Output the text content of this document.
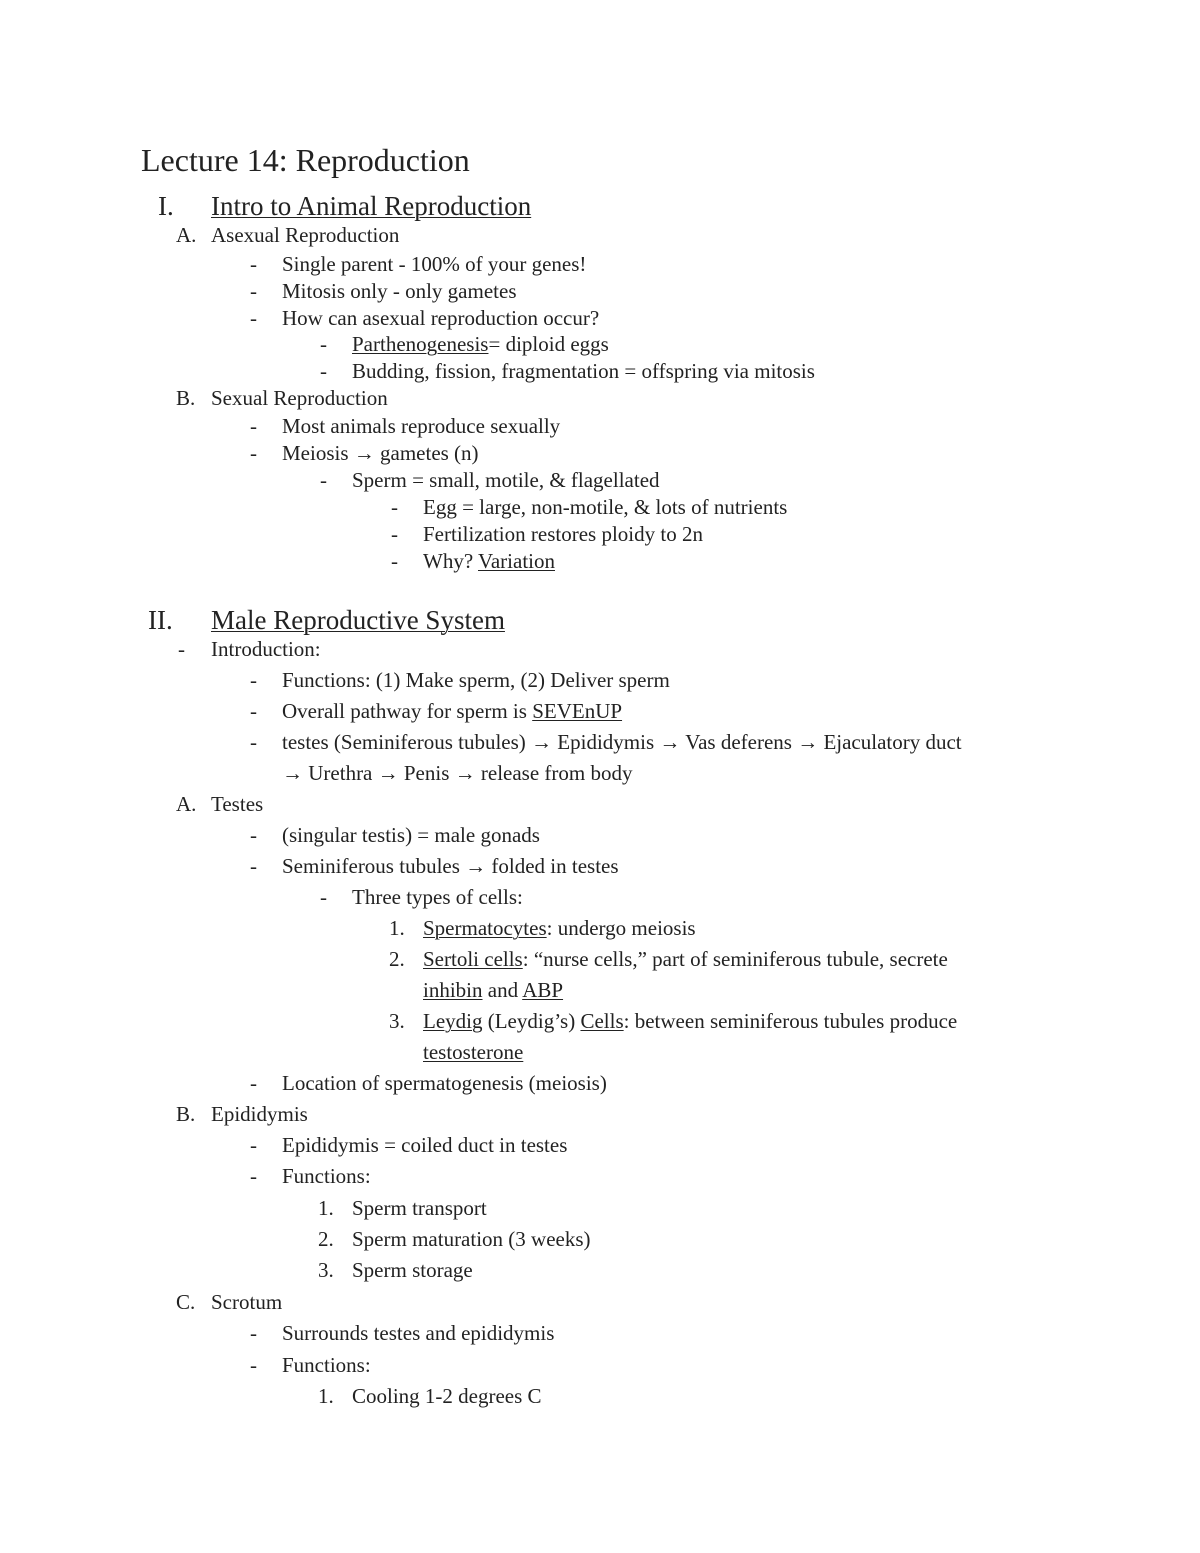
Lecture 14: Reproduction
I. Intro to Animal Reproduction
A. Asexual Reproduction
- Single parent - 100% of your genes!
- Mitosis only - only gametes
- How can asexual reproduction occur?
- Parthenogenesis= diploid eggs
- Budding, fission, fragmentation = offspring via mitosis
B. Sexual Reproduction
- Most animals reproduce sexually
- Meiosis → gametes (n)
- Sperm = small, motile, & flagellated
- Egg = large, non-motile, & lots of nutrients
- Fertilization restores ploidy to 2n
- Why? Variation
II. Male Reproductive System
- Introduction:
- Functions: (1) Make sperm, (2) Deliver sperm
- Overall pathway for sperm is SEVEnUP
- testes (Seminiferous tubules) → Epididymis → Vas deferens → Ejaculatory duct
→ Urethra → Penis → release from body
A. Testes
- (singular testis) = male gonads
- Seminiferous tubules → folded in testes
- Three types of cells:
1. Spermatocytes: undergo meiosis
2. Sertoli cells: “nurse cells,” part of seminiferous tubule, secrete
inhibin and ABP
3. Leydig (Leydig’s) Cells: between seminiferous tubules produce
testosterone
- Location of spermatogenesis (meiosis)
B. Epididymis
- Epididymis = coiled duct in testes
- Functions:
1. Sperm transport
2. Sperm maturation (3 weeks)
3. Sperm storage
C. Scrotum
- Surrounds testes and epididymis
- Functions:
1. Cooling 1-2 degrees C
